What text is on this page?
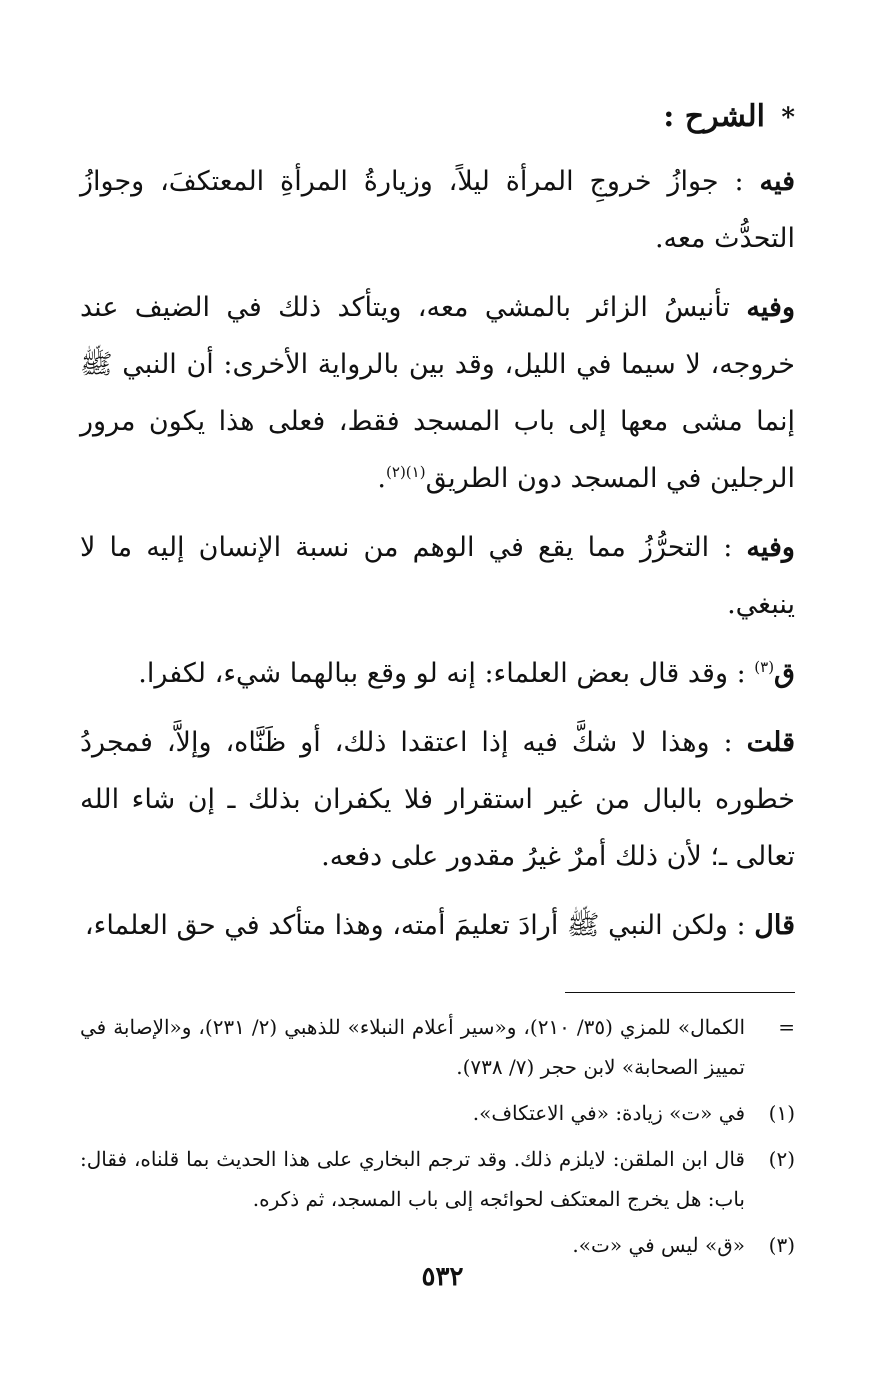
* الشرح :

فيه : جوازُ خروجِ المرأة ليلاً، وزيارةُ المرأةِ المعتكفَ، وجوازُ التحدُّث معه.

وفيه تأنيسُ الزائر بالمشي معه، ويتأكد ذلك في الضيف عند خروجه، لا سيما في الليل، وقد بين بالرواية الأخرى: أن النبي ﷺ إنما مشى معها إلى باب المسجد فقط، فعلى هذا يكون مرور الرجلين في المسجد دون الطريق$^{(١)(٢)}$.

وفيه : التحرُّزُ مما يقع في الوهم من نسبة الإنسان إليه ما لا ينبغي.

ق$^{(٣)}$ : وقد قال بعض العلماء: إنه لو وقع ببالهما شيء، لكفرا.

قلت : وهذا لا شكَّ فيه إذا اعتقدا ذلك، أو ظَنَّاه، وإلاَّ، فمجردُ خطوره بالبال من غير استقرار فلا يكفران بذلك ـ إن شاء الله تعالى ـ؛ لأن ذلك أمرٌ غيرُ مقدور على دفعه.

قال : ولكن النبي ﷺ أرادَ تعليمَ أمته، وهذا متأكد في حق العلماء،

=
الكمال» للمزي (٣٥/ ٢١٠)، و«سير أعلام النبلاء» للذهبي (٢/ ٢٣١)، و«الإصابة في تمييز الصحابة» لابن حجر (٧/ ٧٣٨).
(١)
في «ت» زيادة: «في الاعتكاف».
(٢)
قال ابن الملقن: لايلزم ذلك. وقد ترجم البخاري على هذا الحديث بما قلناه، فقال: باب: هل يخرج المعتكف لحوائجه إلى باب المسجد، ثم ذكره.
(٣)
«ق» ليس في «ت».
٥٣٢
